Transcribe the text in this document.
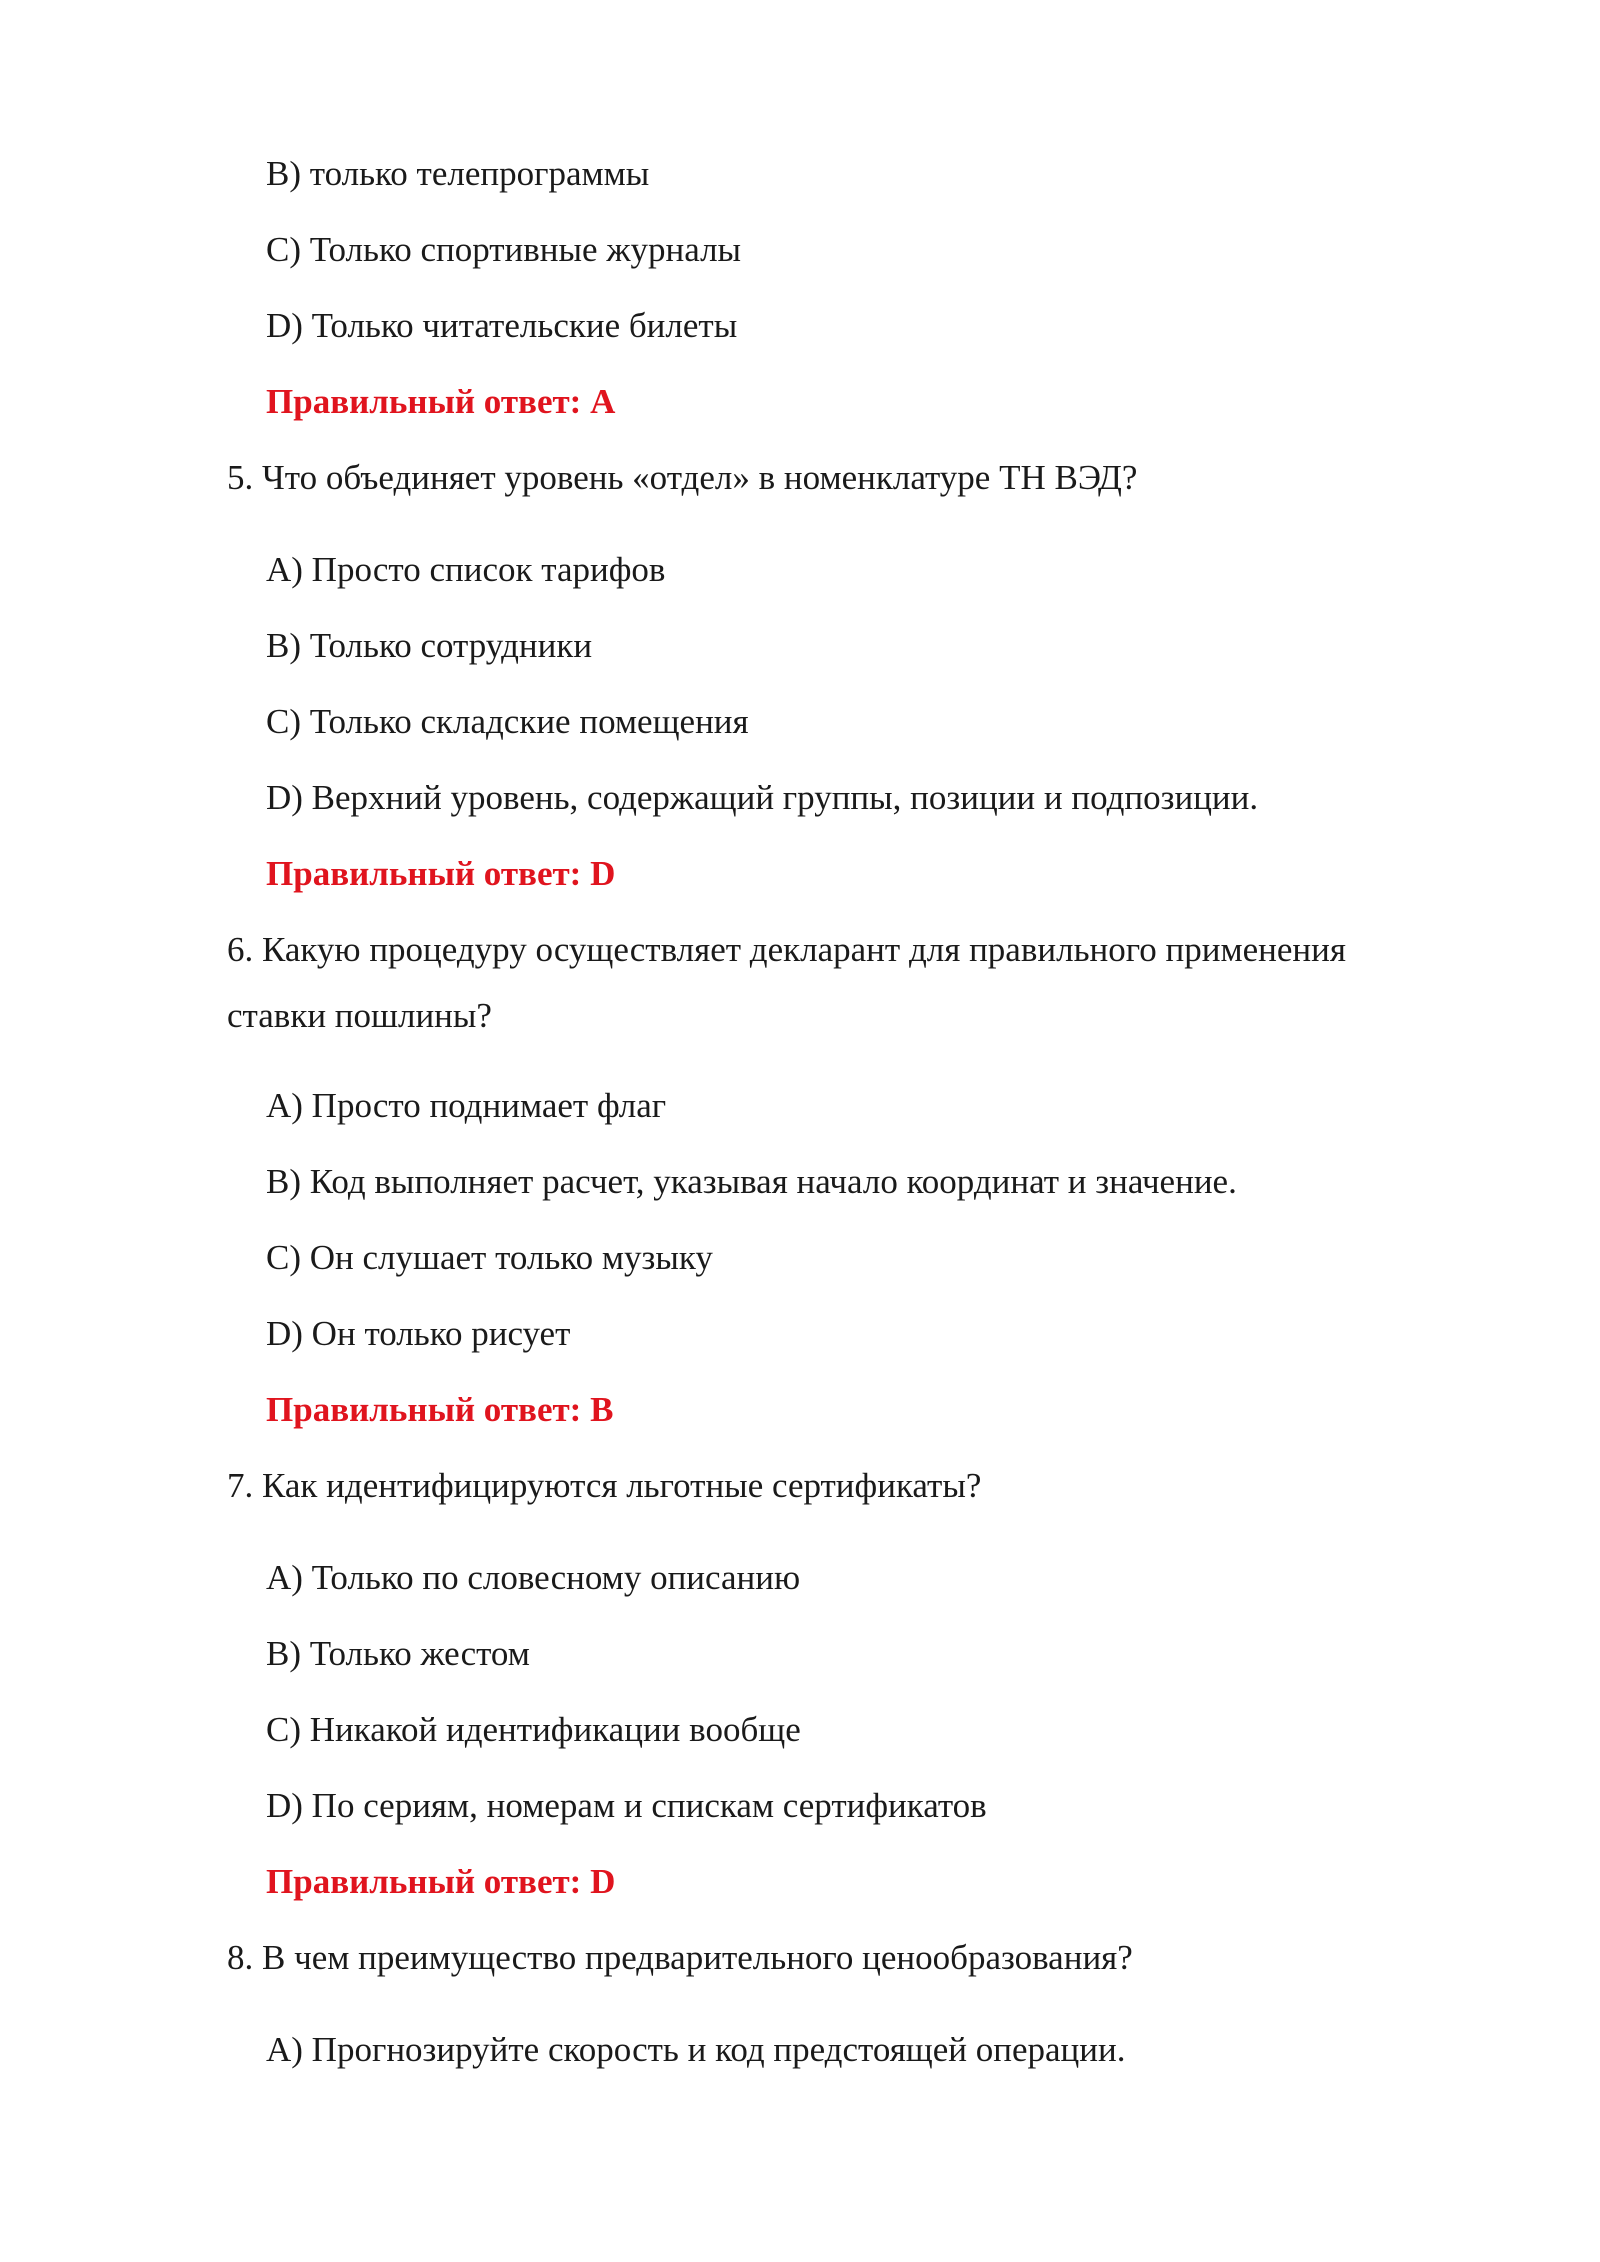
B) только телепрограммы
C) Только спортивные журналы
D) Только читательские билеты
Правильный ответ: A
5. Что объединяет уровень «отдел» в номенклатуре ТН ВЭД?
A) Просто список тарифов
B) Только сотрудники
C) Только складские помещения
D) Верхний уровень, содержащий группы, позиции и подпозиции.
Правильный ответ: D
6. Какую процедуру осуществляет декларант для правильного применения
ставки пошлины?
A) Просто поднимает флаг
B) Код выполняет расчет, указывая начало координат и значение.
C) Он слушает только музыку
D) Он только рисует
Правильный ответ: B
7. Как идентифицируются льготные сертификаты?
A) Только по словесному описанию
B) Только жестом
C) Никакой идентификации вообще
D) По сериям, номерам и спискам сертификатов
Правильный ответ: D
8. В чем преимущество предварительного ценообразования?
A) Прогнозируйте скорость и код предстоящей операции.
